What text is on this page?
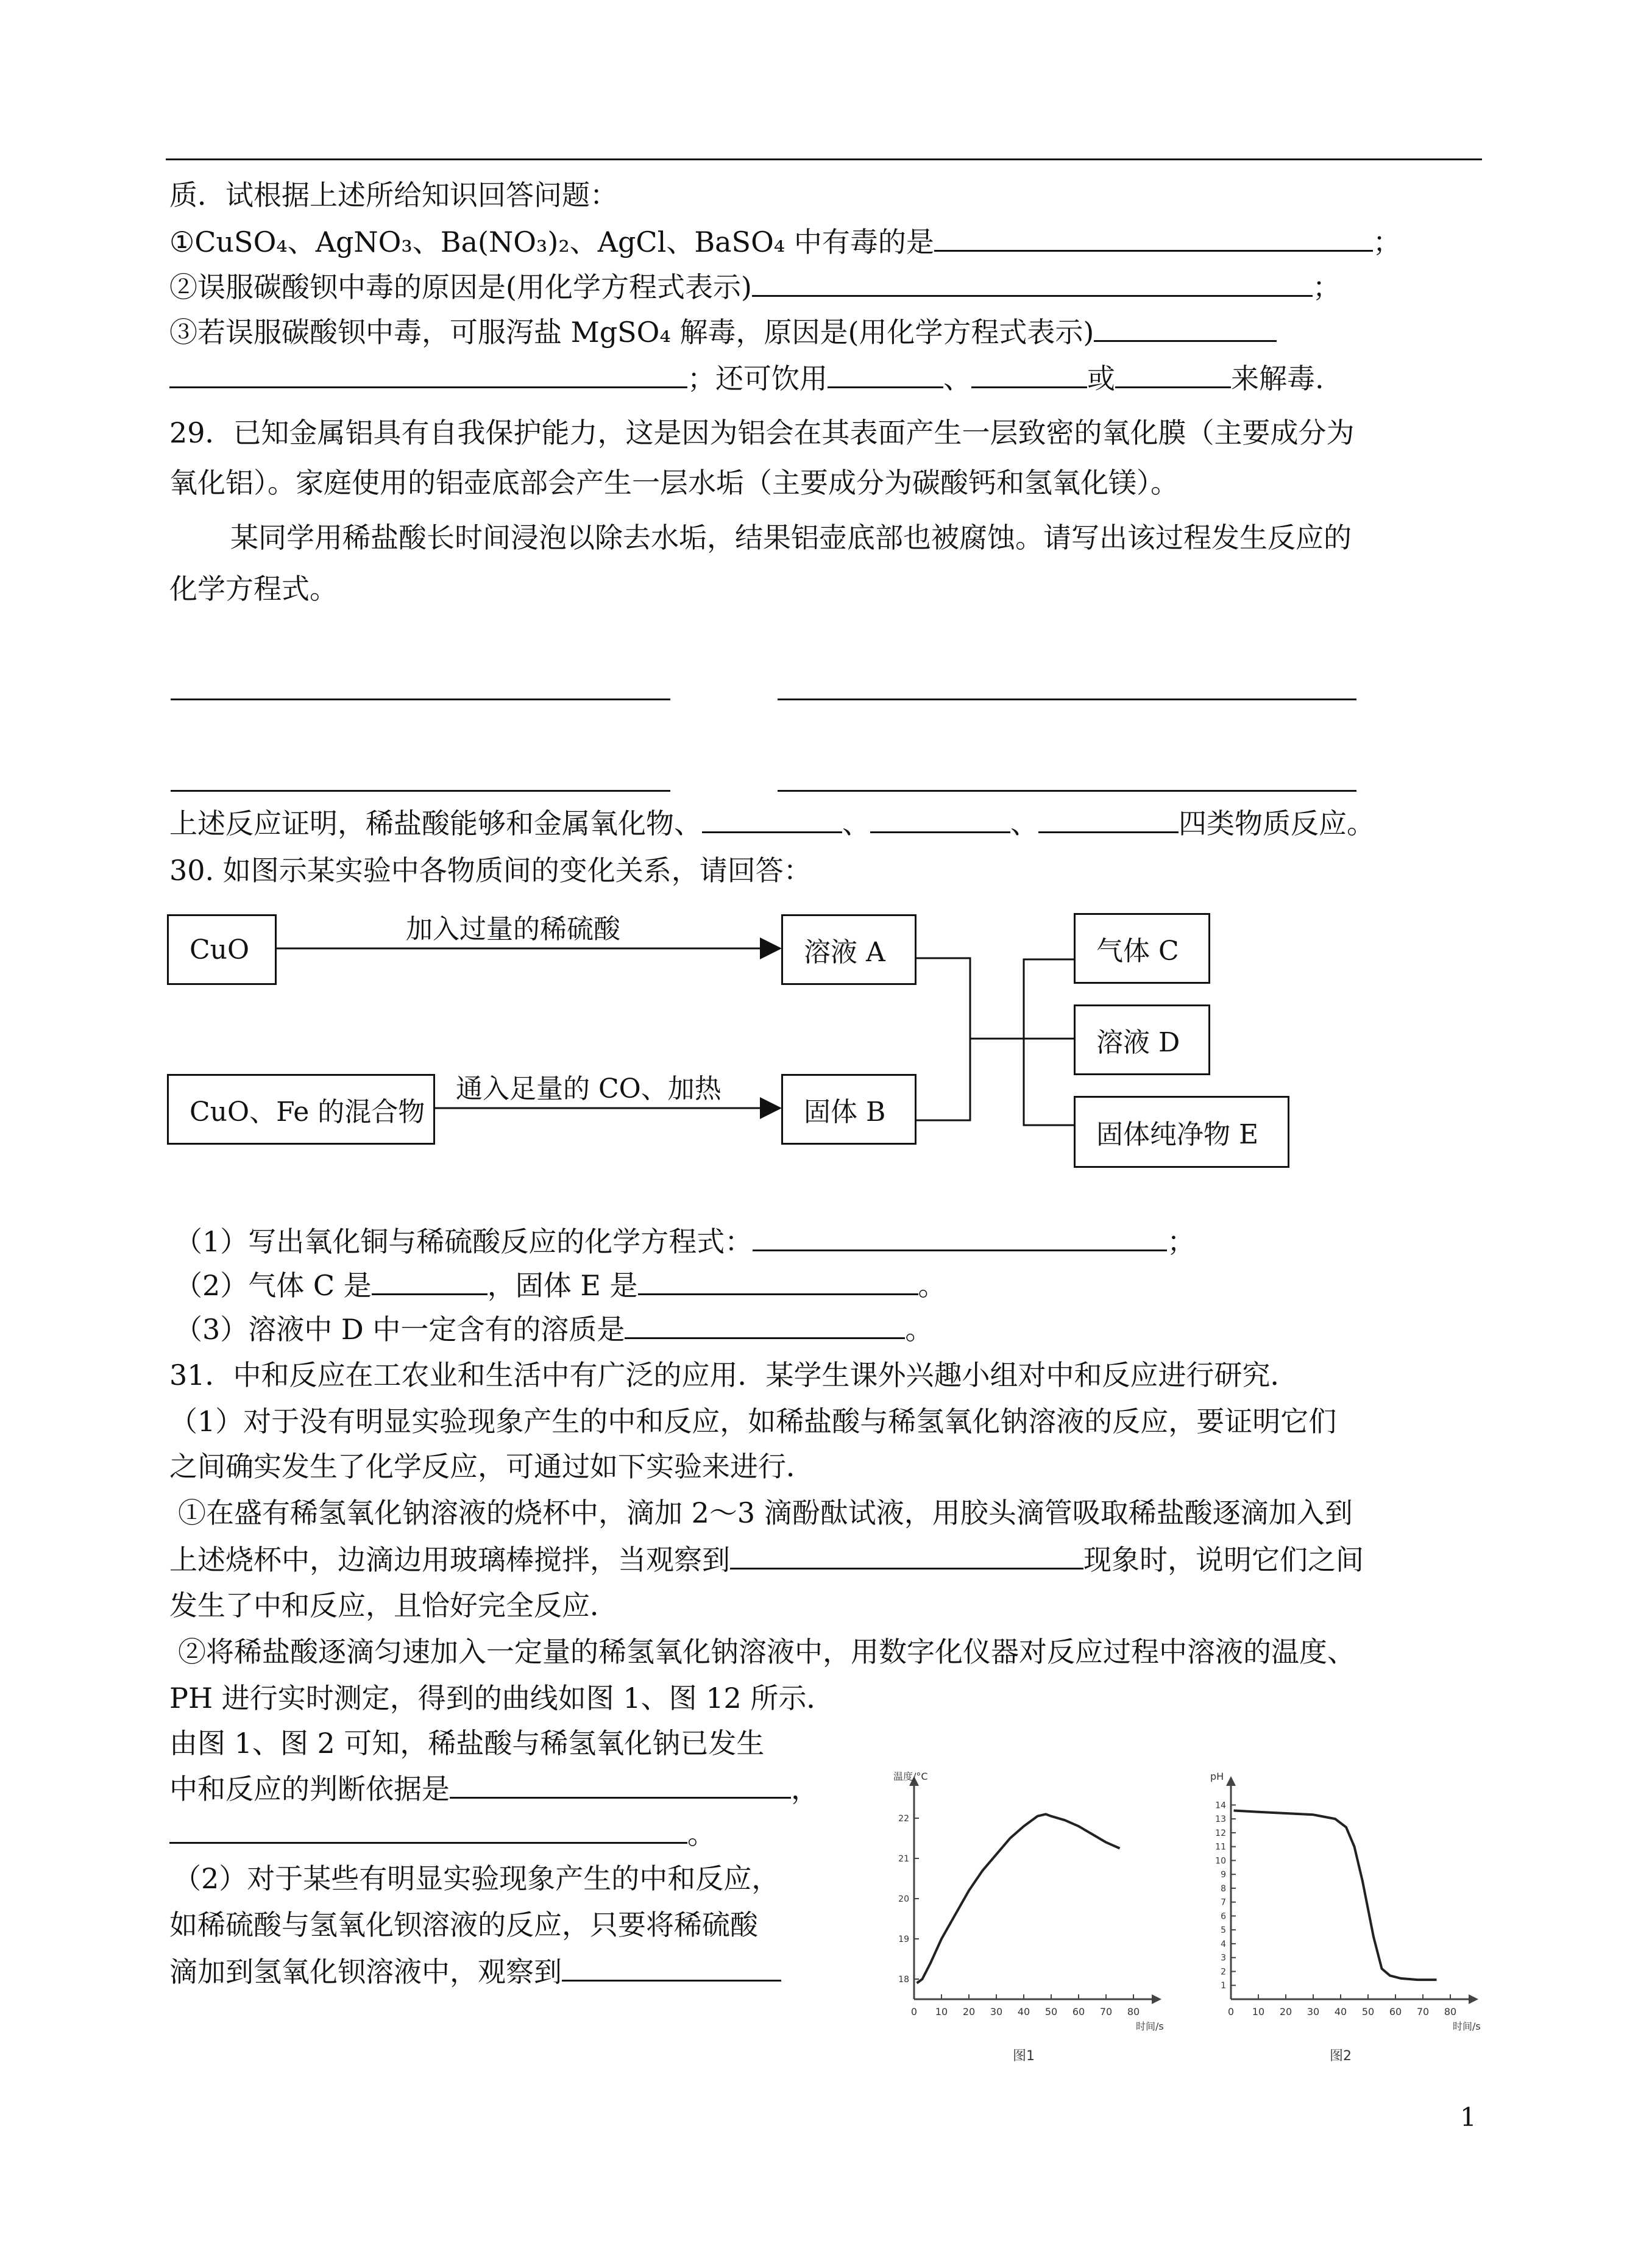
质．试根据上述所给知识回答问题：
①CuSO₄、AgNO₃、Ba(NO₃)₂、AgCl、BaSO₄ 中有毒的是	；
②误服碳酸钡中毒的原因是(用化学方程式表示)	；
③若误服碳酸钡中毒，可服泻盐 MgSO₄ 解毒，原因是(用化学方程式表示)
；还可饮用	、	或	来解毒.
29．已知金属铝具有自我保护能力，这是因为铝会在其表面产生一层致密的氧化膜（主要成分为
氧化铝）。家庭使用的铝壶底部会产生一层水垢（主要成分为碳酸钙和氢氧化镁）。
某同学用稀盐酸长时间浸泡以除去水垢，结果铝壶底部也被腐蚀。请写出该过程发生反应的
化学方程式。
上述反应证明，稀盐酸能够和金属氧化物、	、	、	四类物质反应。
30. 如图示某实验中各物质间的变化关系，请回答：
CuO
CuO、Fe 的混合物
溶液 A
固体 B
气体 C
溶液 D
固体纯净物 E
加入过量的稀硫酸
通入足量的 CO、加热
（1）写出氧化铜与稀硫酸反应的化学方程式：	；
（2）气体 C 是	，固体 E 是	。
（3）溶液中 D 中一定含有的溶质是	。
31．中和反应在工农业和生活中有广泛的应用．某学生课外兴趣小组对中和反应进行研究．
（1）对于没有明显实验现象产生的中和反应，如稀盐酸与稀氢氧化钠溶液的反应，要证明它们
之间确实发生了化学反应，可通过如下实验来进行．
①在盛有稀氢氧化钠溶液的烧杯中，滴加 2～3 滴酚酞试液，用胶头滴管吸取稀盐酸逐滴加入到
上述烧杯中，边滴边用玻璃棒搅拌，当观察到	现象时，说明它们之间
发生了中和反应，且恰好完全反应．
②将稀盐酸逐滴匀速加入一定量的稀氢氧化钠溶液中，用数字化仪器对反应过程中溶液的温度、
PH 进行实时测定，得到的曲线如图 1、图 12 所示．
由图 1、图 2 可知，稀盐酸与稀氢氧化钠已发生
中和反应的判断依据是	，
。
（2）对于某些有明显实验现象产生的中和反应，
如稀硫酸与氢氧化钡溶液的反应，只要将稀硫酸
滴加到氢氧化钡溶液中，观察到
0 10 20 30 40 50 60 70 80
18
19
20
21
22
温度/°C
时间/s
图1
0 10 20 30 40 50 60 70 80
1
2
3
4
5
6
7
8
9
10
11
12
13
14
pH
时间/s
图2
1
